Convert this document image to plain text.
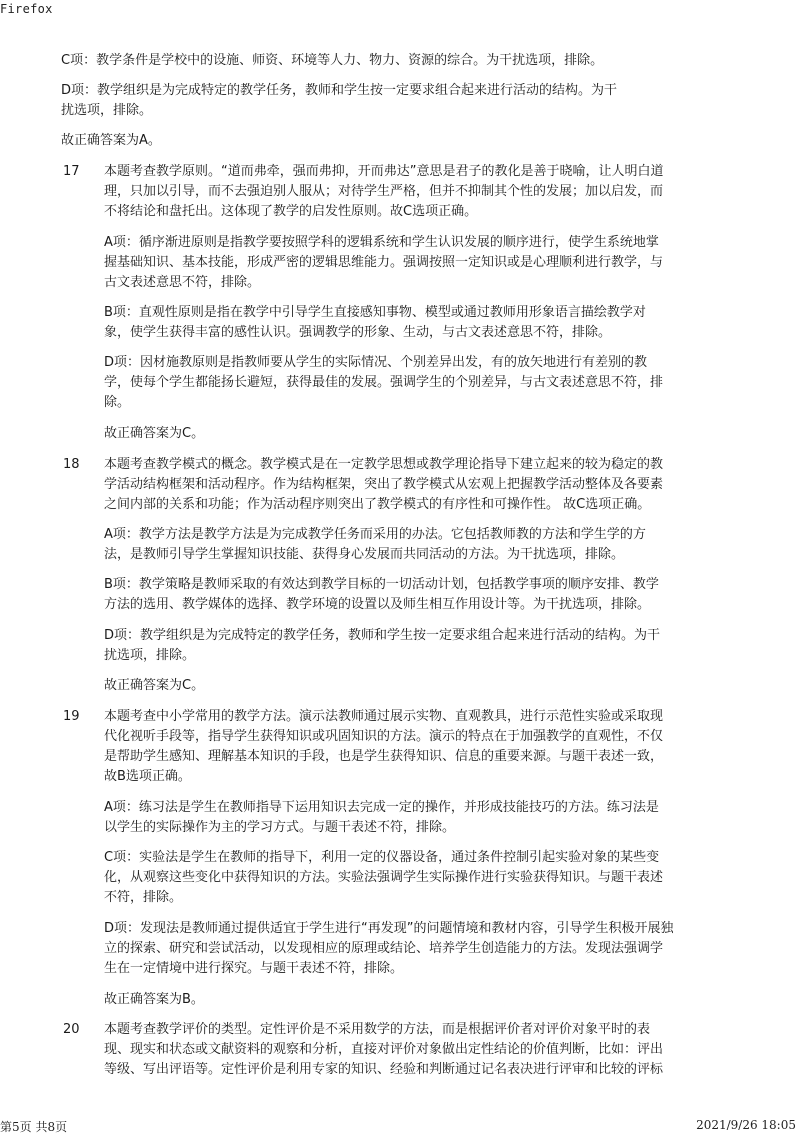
Firefox

C项：教学条件是学校中的设施、师资、环境等人力、物力、资源的综合。为干扰选项，排除。

D项：教学组织是为完成特定的教学任务，教师和学生按一定要求组合起来进行活动的结构。为干
扰选项，排除。

故正确答案为A。

17 本题考查教学原则。“道而弗牵，强而弗抑，开而弗达”意思是君子的教化是善于晓喻，让人明白道
理，只加以引导，而不去强迫别人服从；对待学生严格，但并不抑制其个性的发展；加以启发，而
不将结论和盘托出。这体现了教学的启发性原则。故C选项正确。

A项：循序渐进原则是指教学要按照学科的逻辑系统和学生认识发展的顺序进行，使学生系统地掌
握基础知识、基本技能，形成严密的逻辑思维能力。强调按照一定知识或是心理顺利进行教学，与
古文表述意思不符，排除。

B项：直观性原则是指在教学中引导学生直接感知事物、模型或通过教师用形象语言描绘教学对
象，使学生获得丰富的感性认识。强调教学的形象、生动，与古文表述意思不符，排除。

D项：因材施教原则是指教师要从学生的实际情况、个别差异出发，有的放矢地进行有差别的教
学，使每个学生都能扬长避短，获得最佳的发展。强调学生的个别差异，与古文表述意思不符，排
除。

故正确答案为C。

18 本题考查教学模式的概念。教学模式是在一定教学思想或教学理论指导下建立起来的较为稳定的教
学活动结构框架和活动程序。作为结构框架，突出了教学模式从宏观上把握教学活动整体及各要素
之间内部的关系和功能；作为活动程序则突出了教学模式的有序性和可操作性。 故C选项正确。

A项：教学方法是教学方法是为完成教学任务而采用的办法。它包括教师教的方法和学生学的方
法，是教师引导学生掌握知识技能、获得身心发展而共同活动的方法。为干扰选项，排除。

B项：教学策略是教师采取的有效达到教学目标的一切活动计划，包括教学事项的顺序安排、教学
方法的选用、教学媒体的选择、教学环境的设置以及师生相互作用设计等。为干扰选项，排除。

D项：教学组织是为完成特定的教学任务，教师和学生按一定要求组合起来进行活动的结构。为干
扰选项，排除。

故正确答案为C。

19 本题考查中小学常用的教学方法。演示法教师通过展示实物、直观教具，进行示范性实验或采取现
代化视听手段等，指导学生获得知识或巩固知识的方法。演示的特点在于加强教学的直观性，不仅
是帮助学生感知、理解基本知识的手段，也是学生获得知识、信息的重要来源。与题干表述一致，
故B选项正确。

A项：练习法是学生在教师指导下运用知识去完成一定的操作，并形成技能技巧的方法。练习法是
以学生的实际操作为主的学习方式。与题干表述不符，排除。

C项：实验法是学生在教师的指导下，利用一定的仪器设备，通过条件控制引起实验对象的某些变
化，从观察这些变化中获得知识的方法。实验法强调学生实际操作进行实验获得知识。与题干表述
不符，排除。

D项：发现法是教师通过提供适宜于学生进行“再发现”的问题情境和教材内容，引导学生积极开展独
立的探索、研究和尝试活动，以发现相应的原理或结论、培养学生创造能力的方法。发现法强调学
生在一定情境中进行探究。与题干表述不符，排除。

故正确答案为B。

20 本题考查教学评价的类型。定性评价是不采用数学的方法，而是根据评价者对评价对象平时的表
现、现实和状态或文献资料的观察和分析，直接对评价对象做出定性结论的价值判断，比如：评出
等级、写出评语等。定性评价是利用专家的知识、经验和判断通过记名表决进行评审和比较的评标

第5页 共8页	2021/9/26 18:05
